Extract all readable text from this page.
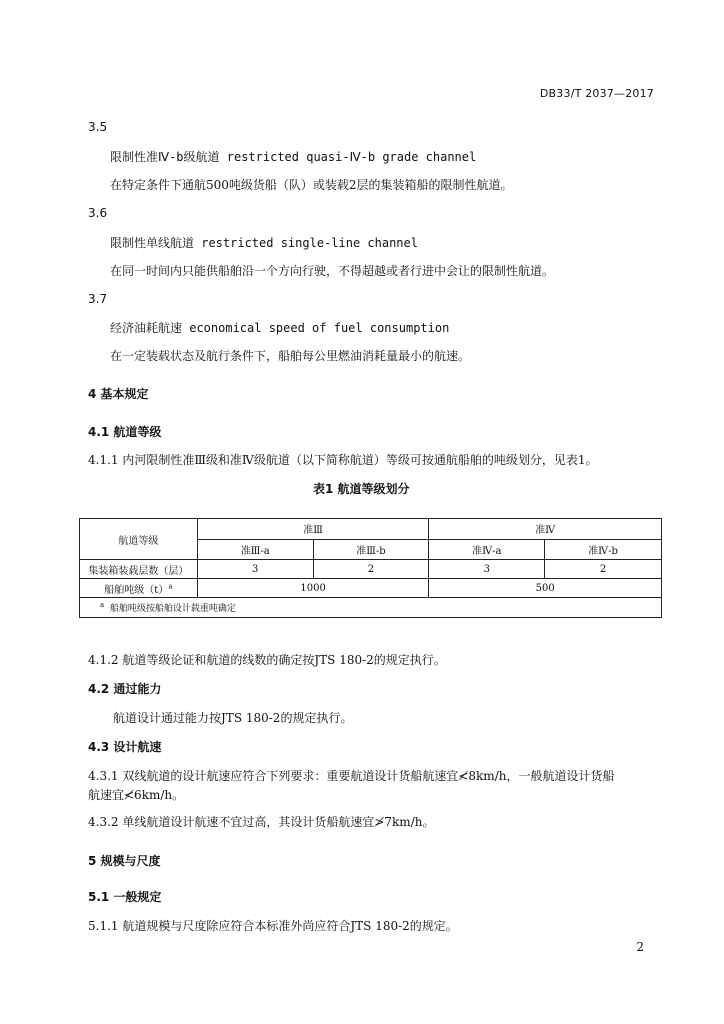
DB33/T 2037—2017
3.5
限制性准Ⅳ-b级航道 restricted quasi-Ⅳ-b grade channel
在特定条件下通航500吨级货船（队）或装载2层的集装箱船的限制性航道。
3.6
限制性单线航道 restricted single-line channel
在同一时间内只能供船舶沿一个方向行驶，不得超越或者行进中会让的限制性航道。
3.7
经济油耗航速 economical speed of fuel consumption
在一定装载状态及航行条件下，船舶每公里燃油消耗量最小的航速。
4 基本规定
4.1 航道等级
4.1.1 内河限制性准Ⅲ级和准Ⅳ级航道（以下简称航道）等级可按通航船舶的吨级划分，见表1。
表1 航道等级划分
航道等级	准Ⅲ		准Ⅳ	
	准Ⅲ-a	准Ⅲ-b	准Ⅳ-a	准Ⅳ-b
集装箱装载层数（层）	3	2	3	2
船舶吨级$(t)^a$	1000		500	
$^a$ 船舶吨级按船舶设计载重吨确定				
4.1.2 航道等级论证和航道的线数的确定按JTS 180-2的规定执行。
4.2 通过能力
航道设计通过能力按JTS 180-2的规定执行。
4.3 设计航速
4.3.1 双线航道的设计航速应符合下列要求：重要航道设计货船航速宜≮8km/h，一般航道设计货船
航速宜≮6km/h。
4.3.2 单线航道设计航速不宜过高，其设计货船航速宜≯7km/h。
5 规模与尺度
5.1 一般规定
5.1.1 航道规模与尺度除应符合本标准外尚应符合JTS 180-2的规定。
2
